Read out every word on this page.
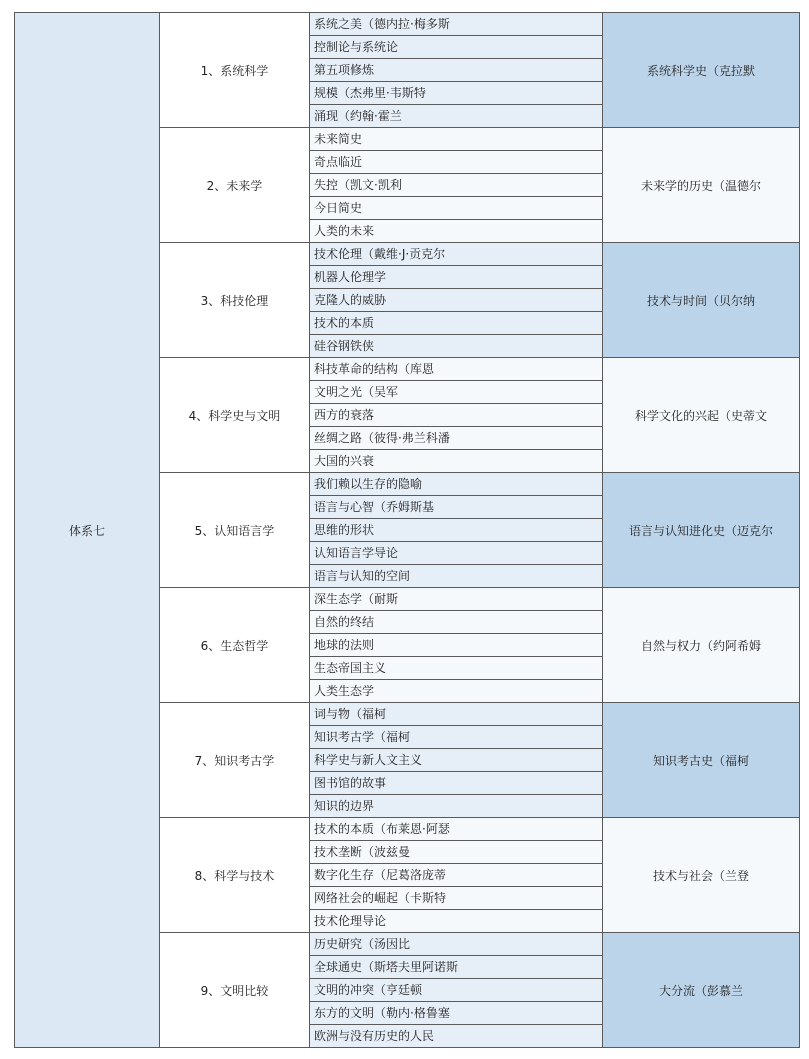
体系七	1、系统科学	系统之美（德内拉·梅多斯	系统科学史（克拉默
		控制论与系统论	
		第五项修炼	
		规模（杰弗里·韦斯特	
		涌现（约翰·霍兰	
	2、未来学	未来简史	未来学的历史（温德尔
		奇点临近	
		失控（凯文·凯利	
		今日简史	
		人类的未来	
	3、科技伦理	技术伦理（戴维·J·贡克尔	技术与时间（贝尔纳
		机器人伦理学	
		克隆人的威胁	
		技术的本质	
		硅谷钢铁侠	
	4、科学史与文明	科技革命的结构（库恩	科学文化的兴起（史蒂文
		文明之光（吴军	
		西方的衰落	
		丝绸之路（彼得·弗兰科潘	
		大国的兴衰	
	5、认知语言学	我们赖以生存的隐喻	语言与认知进化史（迈克尔
		语言与心智（乔姆斯基	
		思维的形状	
		认知语言学导论	
		语言与认知的空间	
	6、生态哲学	深生态学（耐斯	自然与权力（约阿希姆
		自然的终结	
		地球的法则	
		生态帝国主义	
		人类生态学	
	7、知识考古学	词与物（福柯	知识考古史（福柯
		知识考古学（福柯	
		科学史与新人文主义	
		图书馆的故事	
		知识的边界	
	8、科学与技术	技术的本质（布莱恩·阿瑟	技术与社会（兰登
		技术垄断（波兹曼	
		数字化生存（尼葛洛庞蒂	
		网络社会的崛起（卡斯特	
		技术伦理导论	
	9、文明比较	历史研究（汤因比	大分流（彭慕兰
		全球通史（斯塔夫里阿诺斯	
		文明的冲突（亨廷顿	
		东方的文明（勒内·格鲁塞	
		欧洲与没有历史的人民	
